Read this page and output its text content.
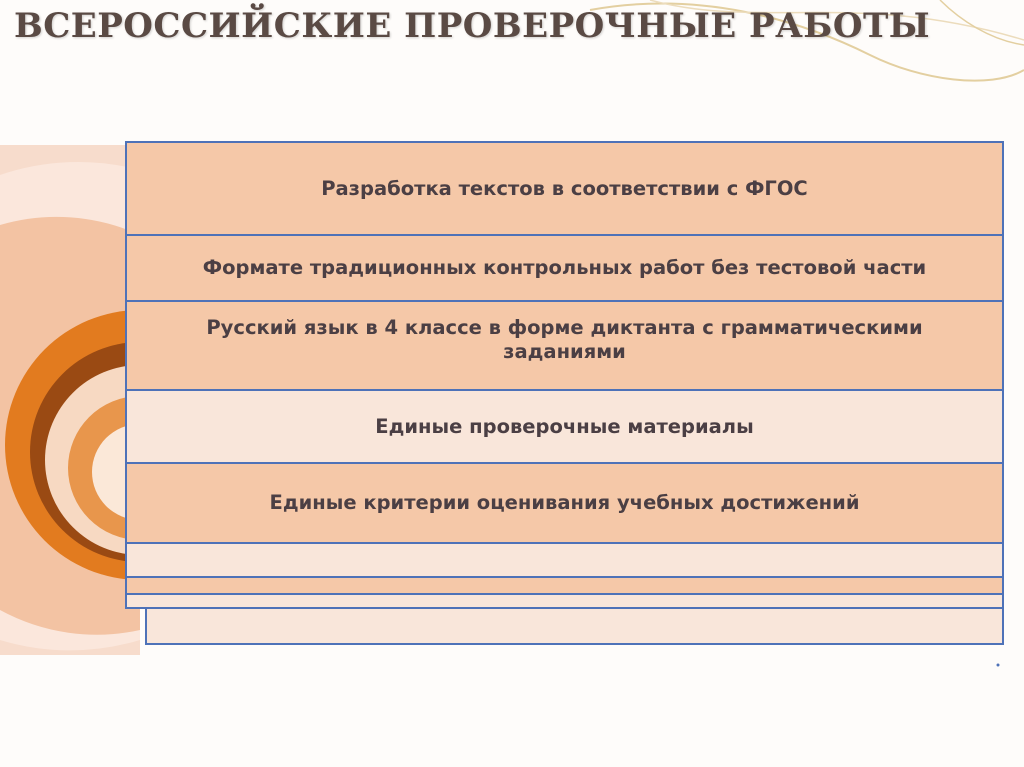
ВСЕРОССИЙСКИЕ ПРОВЕРОЧНЫЕ РАБОТЫ
Разработка текстов в соответствии с ФГОС
Формате традиционных контрольных работ без тестовой части
Русский язык в 4 классе в форме диктанта с грамматическими заданиями
Единые проверочные материалы
Единые критерии оценивания учебных достижений
